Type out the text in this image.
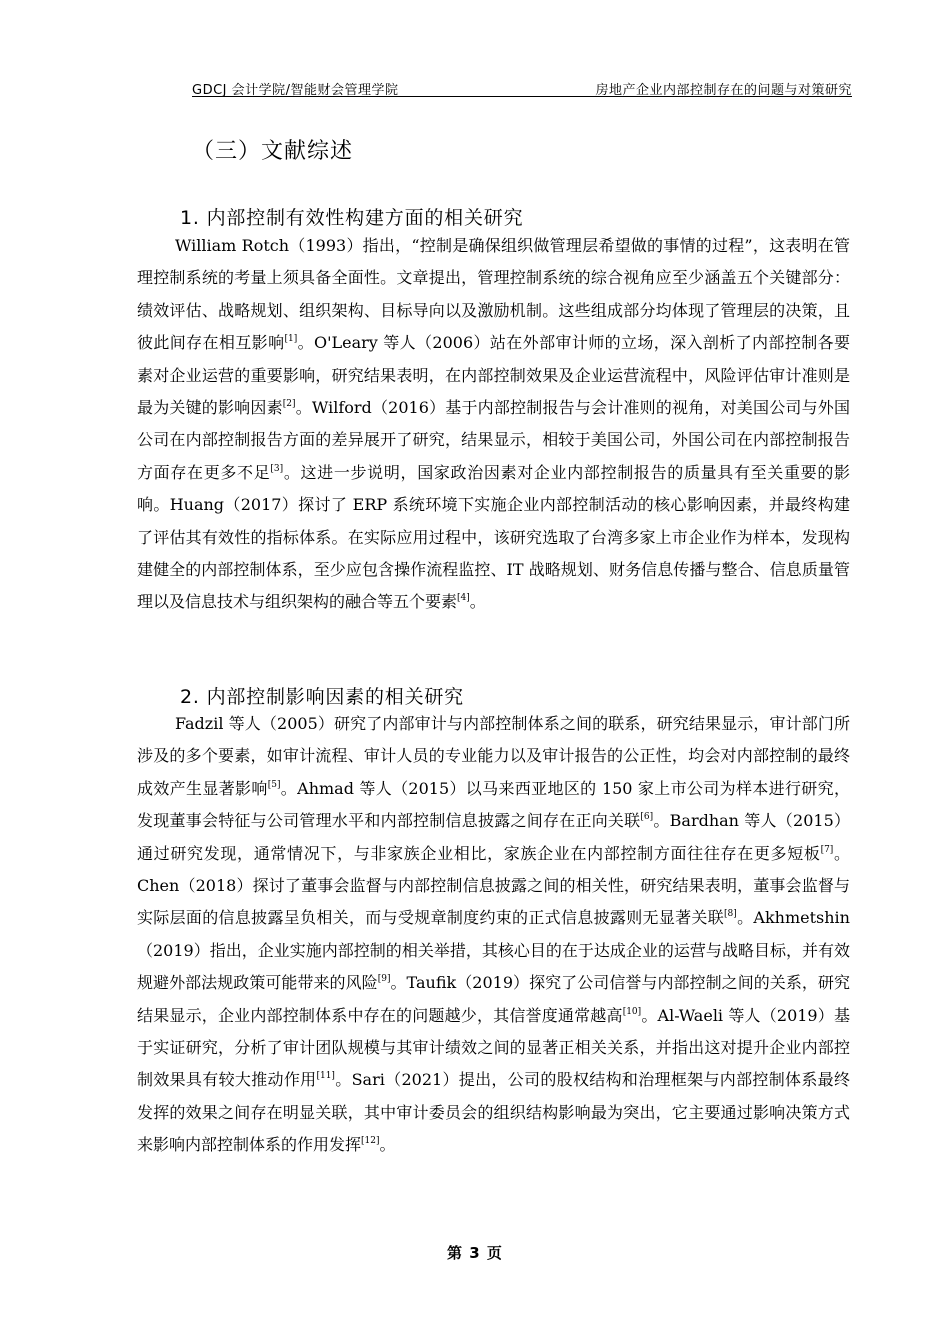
GDCJ 会计学院/智能财会管理学院	房地产企业内部控制存在的问题与对策研究
（三）文献综述
1. 内部控制有效性构建方面的相关研究

William Rotch（1993）指出，“控制是确保组织做管理层希望做的事情的过程”，这表明在管理控制系统的考量上须具备全面性。文章提出，管理控制系统的综合视角应至少涵盖五个关键部分：绩效评估、战略规划、组织架构、目标导向以及激励机制。这些组成部分均体现了管理层的决策，且彼此间存在相互影响[1]。O'Leary 等人（2006）站在外部审计师的立场，深入剖析了内部控制各要素对企业运营的重要影响，研究结果表明，在内部控制效果及企业运营流程中，风险评估审计准则是最为关键的影响因素[2]。Wilford（2016）基于内部控制报告与会计准则的视角，对美国公司与外国公司在内部控制报告方面的差异展开了研究，结果显示，相较于美国公司，外国公司在内部控制报告方面存在更多不足[3]。这进一步说明，国家政治因素对企业内部控制报告的质量具有至关重要的影响。Huang（2017）探讨了 ERP 系统环境下实施企业内部控制活动的核心影响因素，并最终构建了评估其有效性的指标体系。在实际应用过程中，该研究选取了台湾多家上市企业作为样本，发现构建健全的内部控制体系，至少应包含操作流程监控、IT 战略规划、财务信息传播与整合、信息质量管理以及信息技术与组织架构的融合等五个要素[4]。

2. 内部控制影响因素的相关研究

Fadzil 等人（2005）研究了内部审计与内部控制体系之间的联系，研究结果显示，审计部门所涉及的多个要素，如审计流程、审计人员的专业能力以及审计报告的公正性，均会对内部控制的最终成效产生显著影响[5]。Ahmad 等人（2015）以马来西亚地区的 150 家上市公司为样本进行研究，发现董事会特征与公司管理水平和内部控制信息披露之间存在正向关联[6]。Bardhan 等人（2015）通过研究发现，通常情况下，与非家族企业相比，家族企业在内部控制方面往往存在更多短板[7]。Chen（2018）探讨了董事会监督与内部控制信息披露之间的相关性，研究结果表明，董事会监督与实际层面的信息披露呈负相关，而与受规章制度约束的正式信息披露则无显著关联[8]。Akhmetshin（2019）指出，企业实施内部控制的相关举措，其核心目的在于达成企业的运营与战略目标，并有效规避外部法规政策可能带来的风险[9]。Taufik（2019）探究了公司信誉与内部控制之间的关系，研究结果显示，企业内部控制体系中存在的问题越少，其信誉度通常越高[10]。Al-Waeli 等人（2019）基于实证研究，分析了审计团队规模与其审计绩效之间的显著正相关关系，并指出这对提升企业内部控制效果具有较大推动作用[11]。Sari（2021）提出，公司的股权结构和治理框架与内部控制体系最终发挥的效果之间存在明显关联，其中审计委员会的组织结构影响最为突出，它主要通过影响决策方式来影响内部控制体系的作用发挥[12]。

第 3 页
